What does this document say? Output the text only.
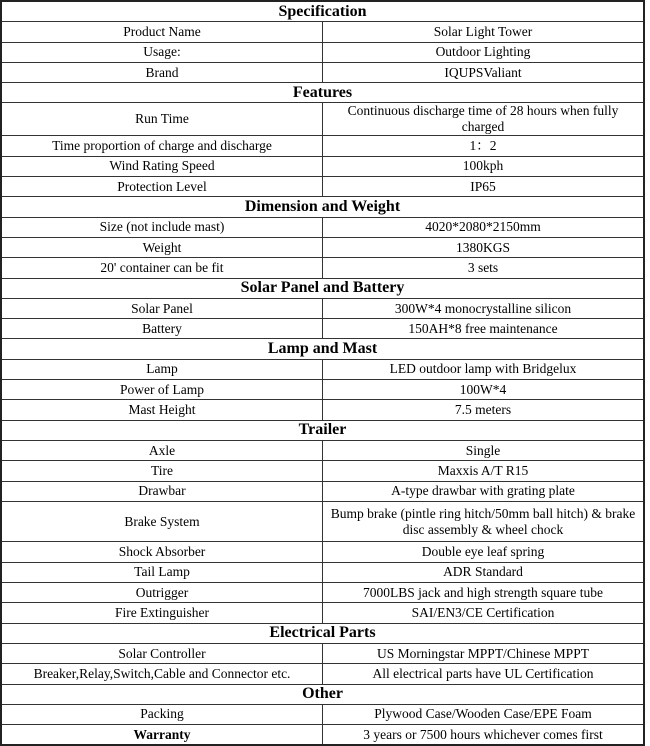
Specification	
Product Name	Solar Light Tower
Usage:	Outdoor Lighting
Brand	IQUPSValiant
Features	
Run Time	Continuous discharge time of 28 hours when fully charged
Time proportion of charge and discharge	1：2
Wind Rating Speed	100kph
Protection Level	IP65
Dimension and Weight	
Size (not include mast)	4020*2080*2150mm
Weight	1380KGS
20' container can be fit	3 sets
Solar Panel and Battery	
Solar Panel	300W*4 monocrystalline silicon
Battery	150AH*8 free maintenance
Lamp and Mast	
Lamp	LED outdoor lamp with Bridgelux
Power of Lamp	100W*4
Mast Height	7.5 meters
Trailer	
Axle	Single
Tire	Maxxis A/T R15
Drawbar	A-type drawbar with grating plate
Brake System	Bump brake (pintle ring hitch/50mm ball hitch) & brake disc assembly & wheel chock
Shock Absorber	Double eye leaf spring
Tail Lamp	ADR Standard
Outrigger	7000LBS jack and high strength square tube
Fire Extinguisher	SAI/EN3/CE Certification
Electrical Parts	
Solar Controller	US Morningstar MPPT/Chinese MPPT
Breaker,Relay,Switch,Cable and Connector etc.	All electrical parts have UL Certification
Other	
Packing	Plywood Case/Wooden Case/EPE Foam
Warranty	3 years or 7500 hours whichever comes first
